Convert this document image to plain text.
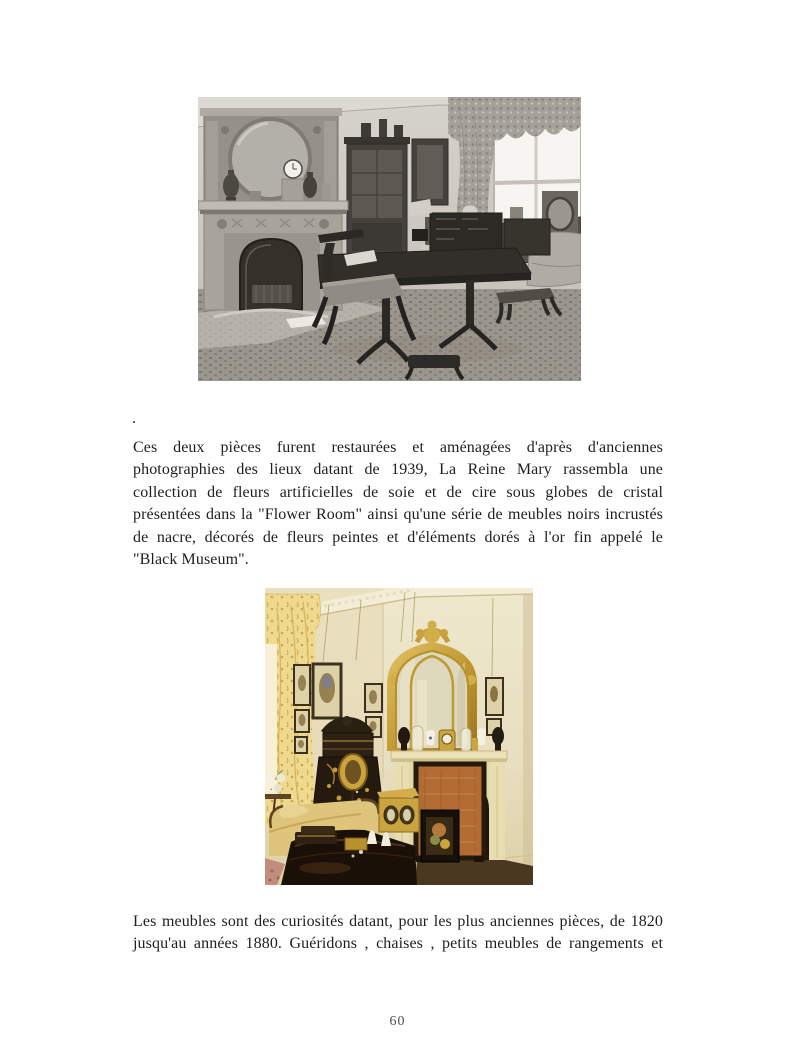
.
Ces deux pièces furent restaurées et aménagées d'après d'anciennes
photographies des lieux datant de 1939, La Reine Mary rassembla une
collection de fleurs artificielles de soie et de cire sous globes de cristal
présentées dans la "Flower Room" ainsi qu'une série de meubles noirs incrustés
de nacre, décorés de fleurs peintes et d'éléments dorés à l'or fin appelé le
"Black Museum".
Les meubles sont des curiosités datant, pour les plus anciennes pièces, de 1820
jusqu'au années 1880. Guéridons , chaises , petits meubles de rangements et
60
